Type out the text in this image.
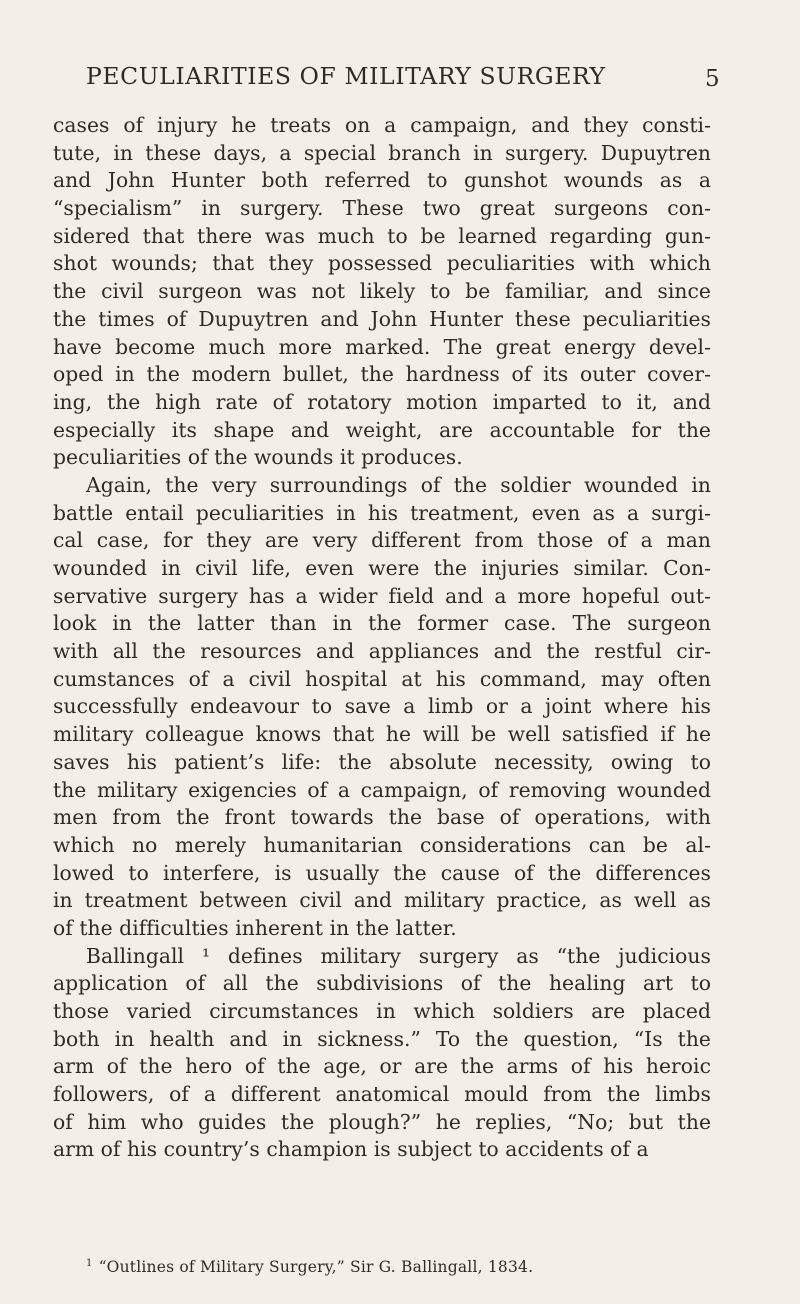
PECULIARITIES OF MILITARY SURGERY	5
cases of injury he treats on a campaign, and they consti-
tute, in these days, a special branch in surgery. Dupuytren
and John Hunter both referred to gunshot wounds as a
“specialism” in surgery. These two great surgeons con-
sidered that there was much to be learned regarding gun-
shot wounds; that they possessed peculiarities with which
the civil surgeon was not likely to be familiar, and since
the times of Dupuytren and John Hunter these peculiarities
have become much more marked. The great energy devel-
oped in the modern bullet, the hardness of its outer cover-
ing, the high rate of rotatory motion imparted to it, and
especially its shape and weight, are accountable for the
peculiarities of the wounds it produces.
Again, the very surroundings of the soldier wounded in
battle entail peculiarities in his treatment, even as a surgi-
cal case, for they are very different from those of a man
wounded in civil life, even were the injuries similar. Con-
servative surgery has a wider field and a more hopeful out-
look in the latter than in the former case. The surgeon
with all the resources and appliances and the restful cir-
cumstances of a civil hospital at his command, may often
successfully endeavour to save a limb or a joint where his
military colleague knows that he will be well satisfied if he
saves his patient’s life: the absolute necessity, owing to
the military exigencies of a campaign, of removing wounded
men from the front towards the base of operations, with
which no merely humanitarian considerations can be al-
lowed to interfere, is usually the cause of the differences
in treatment between civil and military practice, as well as
of the difficulties inherent in the latter.
Ballingall ¹ defines military surgery as “the judicious
application of all the subdivisions of the healing art to
those varied circumstances in which soldiers are placed
both in health and in sickness.” To the question, “Is the
arm of the hero of the age, or are the arms of his heroic
followers, of a different anatomical mould from the limbs
of him who guides the plough?” he replies, “No; but the
arm of his country’s champion is subject to accidents of a
$^1$ “Outlines of Military Surgery,” Sir G. Ballingall, 1834.
